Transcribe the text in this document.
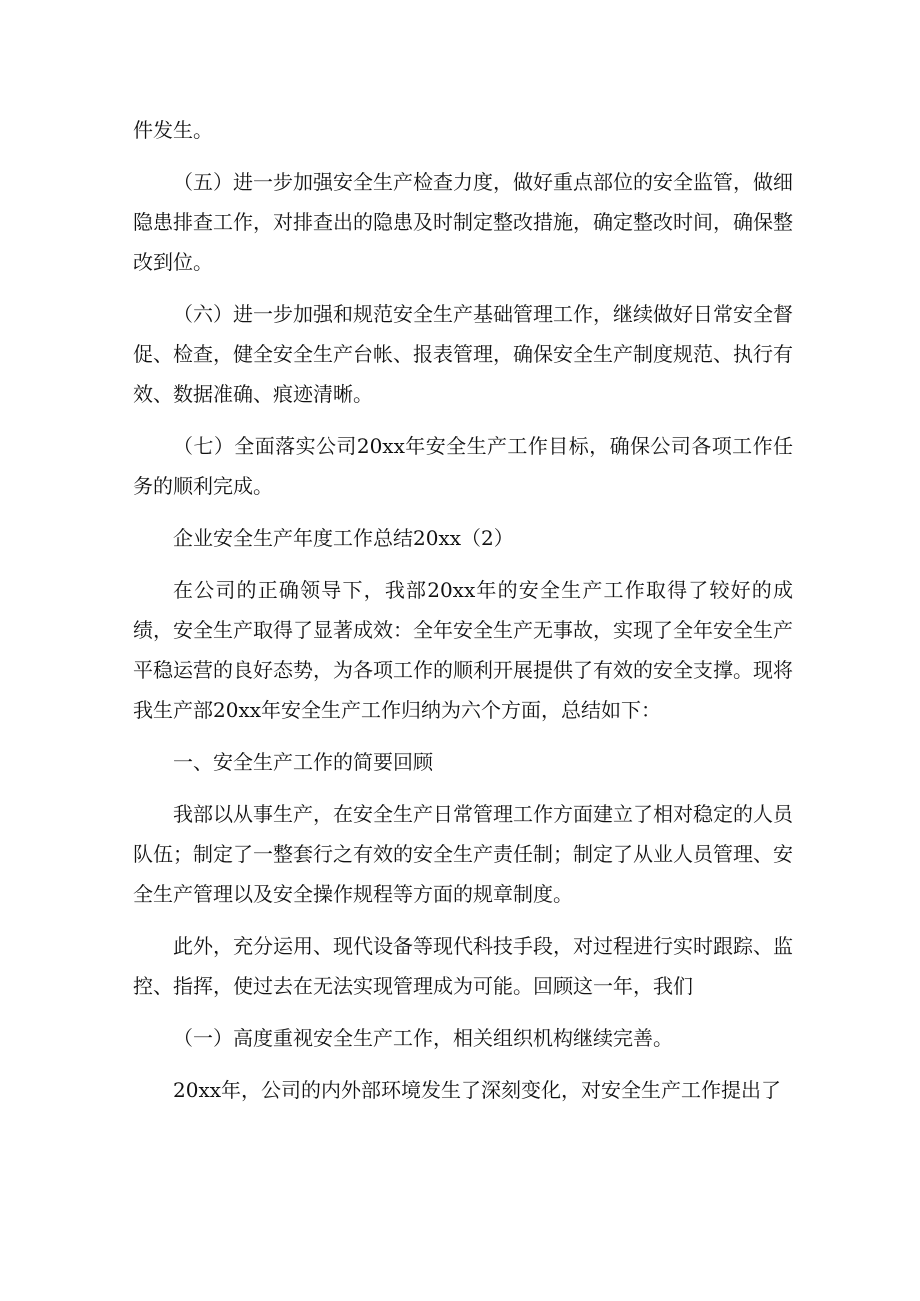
件发生。

（五）进一步加强安全生产检查力度，做好重点部位的安全监管，做细隐患排查工作，对排查出的隐患及时制定整改措施，确定整改时间，确保整改到位。

（六）进一步加强和规范安全生产基础管理工作，继续做好日常安全督促、检查，健全安全生产台帐、报表管理，确保安全生产制度规范、执行有效、数据准确、痕迹清晰。

（七）全面落实公司20xx年安全生产工作目标，确保公司各项工作任务的顺利完成。

企业安全生产年度工作总结20xx（2）

在公司的正确领导下，我部20xx年的安全生产工作取得了较好的成绩，安全生产取得了显著成效：全年安全生产无事故，实现了全年安全生产平稳运营的良好态势，为各项工作的顺利开展提供了有效的安全支撑。现将我生产部20xx年安全生产工作归纳为六个方面，总结如下：

一、安全生产工作的简要回顾

我部以从事生产，在安全生产日常管理工作方面建立了相对稳定的人员队伍；制定了一整套行之有效的安全生产责任制；制定了从业人员管理、安全生产管理以及安全操作规程等方面的规章制度。

此外，充分运用、现代设备等现代科技手段，对过程进行实时跟踪、监控、指挥，使过去在无法实现管理成为可能。回顾这一年，我们

（一）高度重视安全生产工作，相关组织机构继续完善。

20xx年，公司的内外部环境发生了深刻变化，对安全生产工作提出了
